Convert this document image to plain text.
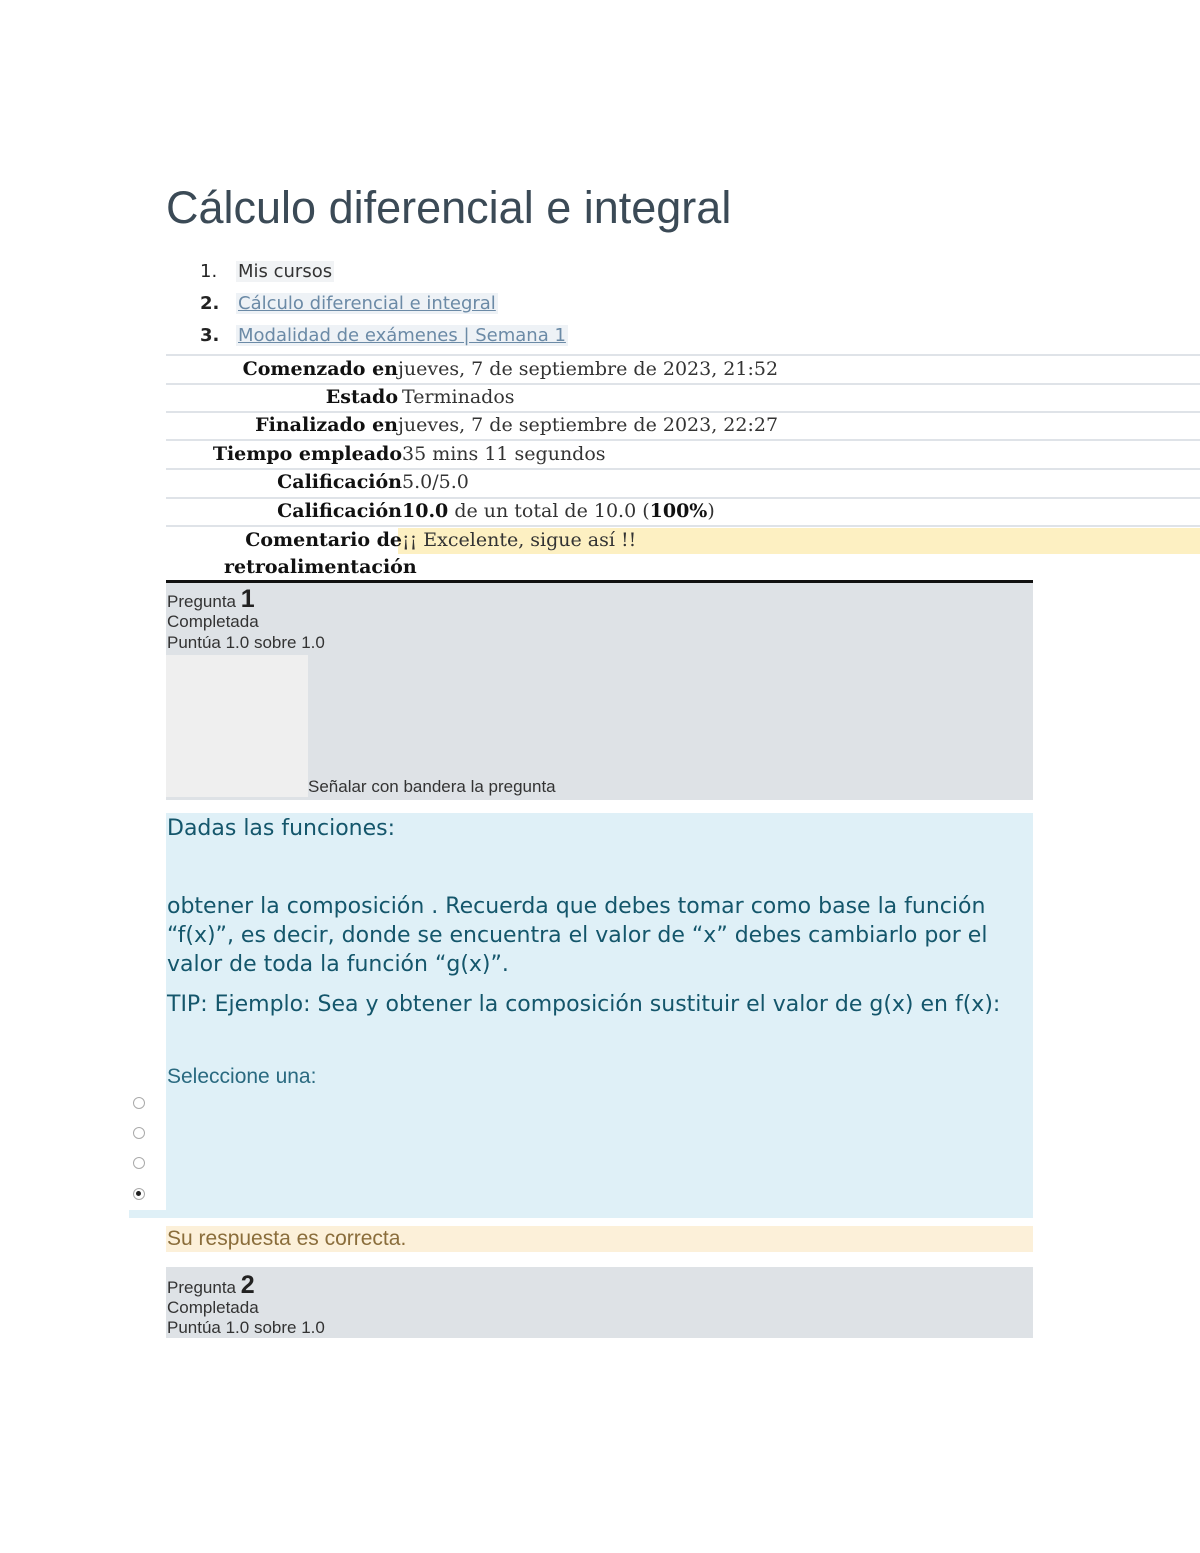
Cálculo diferencial e integral
1. Mis cursos
2. Cálculo diferencial e integral
3. Modalidad de exámenes | Semana 1
Comenzado en jueves, 7 de septiembre de 2023, 21:52
Estado Terminados
Finalizado en jueves, 7 de septiembre de 2023, 22:27
Tiempo empleado 35 mins 11 segundos
Calificación 5.0/5.0
Calificación 10.0 de un total de 10.0 (100%)
Comentario de
retroalimentación
¡¡ Excelente, sigue así !!
Pregunta 1
Completada
Puntúa 1.0 sobre 1.0
Señalar con bandera la pregunta
Dadas las funciones:
obtener la composición . Recuerda que debes tomar como base la función “f(x)”, es decir, donde se encuentra el valor de “x” debes cambiarlo por el valor de toda la función “g(x)”.
TIP: Ejemplo: Sea y obtener la composición sustituir el valor de g(x) en f(x):
Seleccione una:
Su respuesta es correcta.
Pregunta 2
Completada
Puntúa 1.0 sobre 1.0
